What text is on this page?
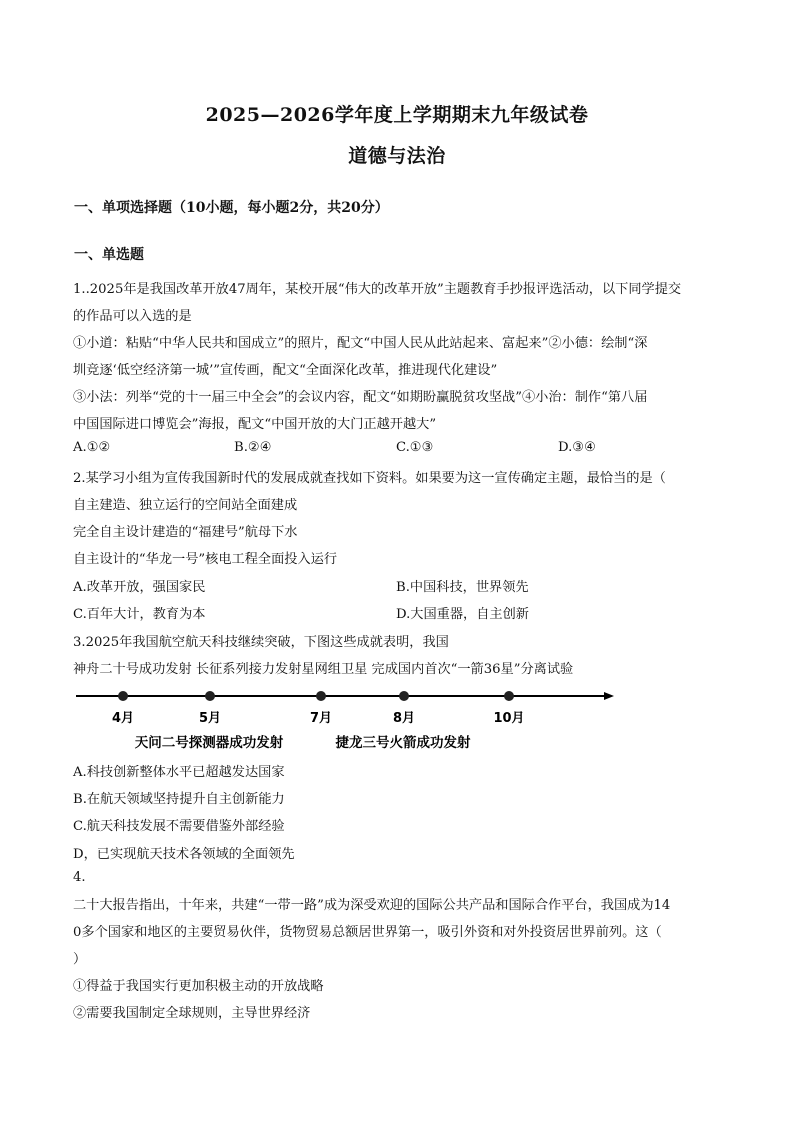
2025—2026学年度上学期期末九年级试卷
道德与法治
一、单项选择题（10小题，每小题2分，共20分）
一、单选题
1..2025年是我国改革开放47周年，某校开展“伟大的改革开放”主题教育手抄报评选活动，以下同学提交
的作品可以入选的是
①小道：粘贴“中华人民共和国成立”的照片，配文“中国人民从此站起来、富起来”②小德：绘制“深
圳竞逐‘低空经济第一城’”宣传画，配文“全面深化改革，推进现代化建设”
③小法：列举“党的十一届三中全会”的会议内容，配文“如期盼赢脱贫攻坚战”④小治：制作“第八届
中国国际进口博览会”海报，配文“中国开放的大门正越开越大”
A.①②	B.②④	C.①③	D.③④
2.某学习小组为宣传我国新时代的发展成就查找如下资料。如果要为这一宣传确定主题，最恰当的是（
自主建造、独立运行的空间站全面建成
完全自主设计建造的“福建号”航母下水
自主设计的“华龙一号”核电工程全面投入运行
A.改革开放，强国家民	B.中国科技，世界领先
C.百年大计，教育为本	D.大国重器，自主创新
3.2025年我国航空航天科技继续突破，下图这些成就表明，我国
神舟二十号成功发射 长征系列接力发射星网组卫星 完成国内首次“一箭36星”分离试验
4月	5月	7月	8月	10月
天问二号探测器成功发射	捷龙三号火箭成功发射
A.科技创新整体水平已超越发达国家
B.在航天领域坚持提升自主创新能力
C.航天科技发展不需要借鉴外部经验
D，已实现航天技术各领域的全面领先
4.
二十大报告指出，十年来，共建“一带一路”成为深受欢迎的国际公共产品和国际合作平台，我国成为14
0多个国家和地区的主要贸易伙伴，货物贸易总额居世界第一，吸引外资和对外投资居世界前列。这（
）
①得益于我国实行更加积极主动的开放战略
②需要我国制定全球规则，主导世界经济
